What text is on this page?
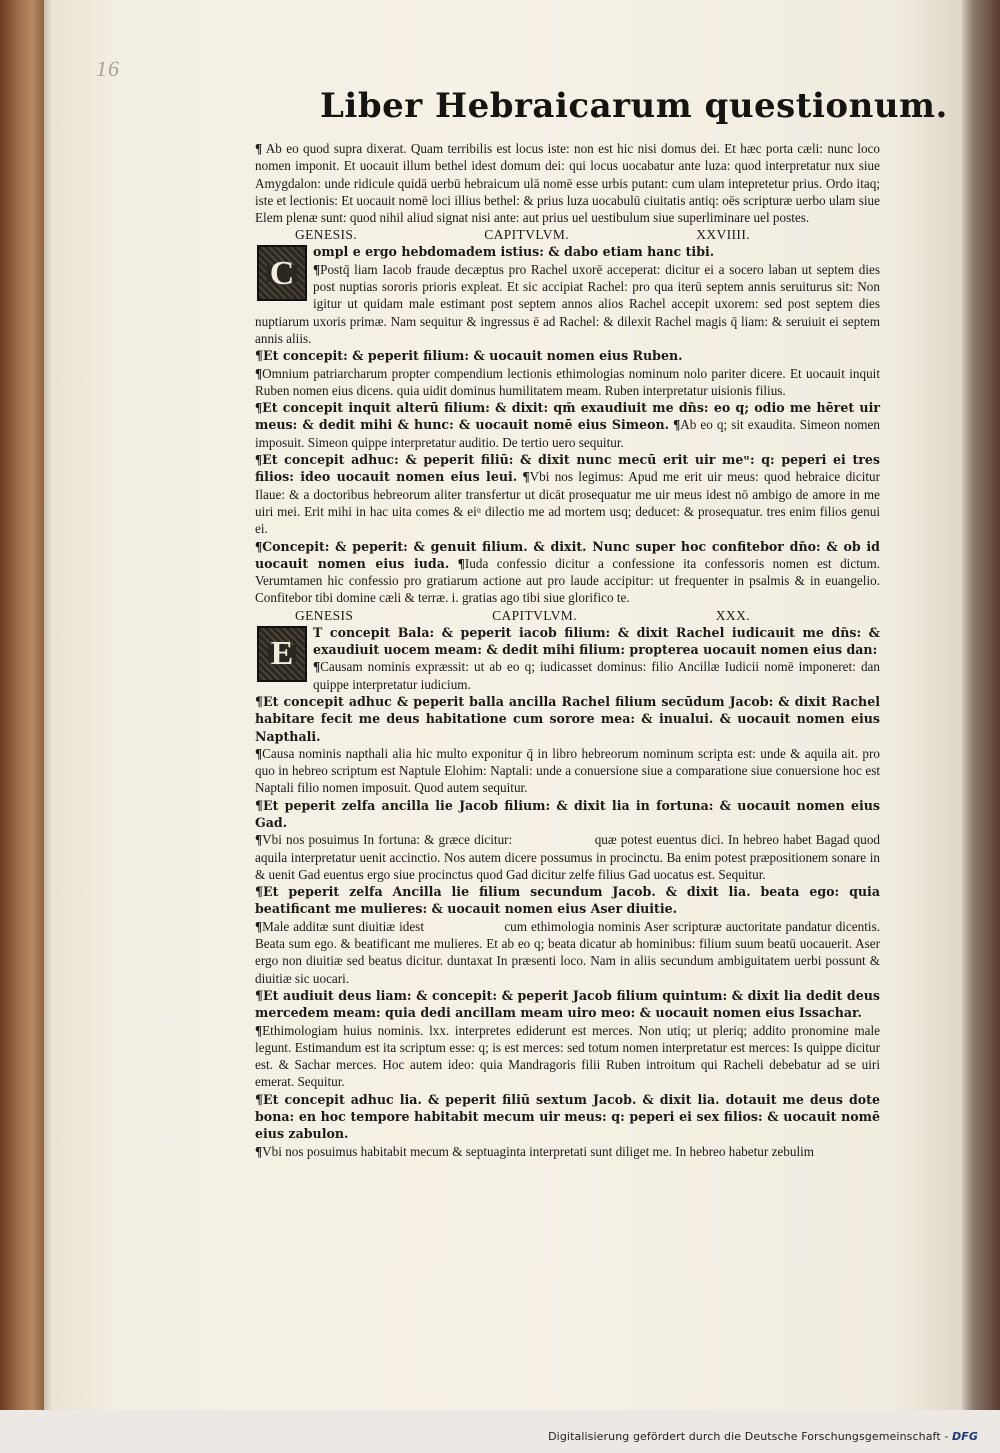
16
Liber Hebraicarum questionum.

¶ Ab eo quod supra dixerat. Quam terribilis est locus iste: non est hic nisi domus dei. Et hæc porta cæli: nunc loco nomen imponit. Et uocauit illum bethel idest domum dei: qui locus uocabatur ante luza: quod interpretatur nux siue Amygdalon: unde ridicule quidā uerbū hebraicum ulā nomē esse urbis putant: cum ulam intepretetur prius. Ordo itaq; iste et lectionis: Et uocauit nomē loci illius bethel: & prius luza uocabulū ciuitatis antiq: oēs scripturæ uerbo ulam siue Elem plenæ sunt: quod nihil aliud signat nisi ante: aut prius uel uestibulum siue superliminare uel postes.

GENESIS.	CAPITVLVM.	XXVIIII.
C

ompl e ergo hebdomadem istius: & dabo etiam hanc tibi.

¶Postq̄ liam Iacob fraude decæptus pro Rachel uxorē acceperat: dicitur ei a socero laban ut septem dies post nuptias sororis prioris expleat. Et sic accipiat Rachel: pro qua iterū septem annis seruiturus sit: Non igitur ut quidam male estimant post septem annos alios Rachel accepit uxorem: sed post septem dies nuptiarum uxoris primæ. Nam sequitur & ingressus ē ad Rachel: & dilexit Rachel magis q̄ liam: & seruiuit ei septem annis aliis.

¶Et concepit: & peperit filium: & uocauit nomen eius Ruben.

¶Omnium patriarcharum propter compendium lectionis ethimologias nominum nolo pariter dicere. Et uocauit inquit Ruben nomen eius dicens. quia uidit dominus humilitatem meam. Ruben interpretatur uisionis filius.

¶Et concepit inquit alterū filium: & dixit: qm̄ exaudiuit me dn̄s: eo q; odio me hēret uir meus: & dedit mihi & hunc: & uocauit nomē eius Simeon. ¶Ab eo q; sit exaudita. Simeon nomen imposuit. Simeon quippe interpretatur auditio. De tertio uero sequitur.

¶Et concepit adhuc: & peperit filiū: & dixit nunc mecū erit uir meᵘ: q: peperi ei tres filios: ideo uocauit nomen eius leui. ¶Vbi nos legimus: Apud me erit uir meus: quod hebraice dicitur Ilaue: & a doctoribus hebreorum aliter transfertur ut dicāt prosequatur me uir meus idest nō ambigo de amore in me uiri mei. Erit mihi in hac uita comes & eiᵘ dilectio me ad mortem usq; deducet: & prosequatur. tres enim filios genui ei.

¶Concepit: & peperit: & genuit filium. & dixit. Nunc super hoc confitebor dn̄o: & ob id uocauit nomen eius iuda. ¶Iuda confessio dicitur a confessione ita confessoris nomen est dictum. Verumtamen hic confessio pro gratiarum actione aut pro laude accipitur: ut frequenter in psalmis & in euangelio. Confitebor tibi domine cæli & terræ. i. gratias ago tibi siue glorifico te.

GENESIS	CAPITVLVM.	XXX.
E

T concepit Bala: & peperit iacob filium: & dixit Rachel iudicauit me dn̄s: & exaudiuit uocem meam: & dedit mihi filium: propterea uocauit nomen eius dan:

¶Causam nominis expræssit: ut ab eo q; iudicasset dominus: filio Ancillæ Iudicii nomē imponeret: dan quippe interpretatur iudicium.

¶Et concepit adhuc & peperit balla ancilla Rachel filium secūdum Jacob: & dixit Rachel habitare fecit me deus habitatione cum sorore mea: & inualui. & uocauit nomen eius Napthali.

¶Causa nominis napthali alia hic multo exponitur q̄ in libro hebreorum nominum scripta est: unde & aquila ait. pro quo in hebreo scriptum est Naptule Elohim: Naptali: unde a conuersione siue a comparatione siue conuersione hoc est Naptali filio nomen imposuit. Quod autem sequitur.

¶Et peperit zelfa ancilla lie Jacob filium: & dixit lia in fortuna: & uocauit nomen eius Gad.

¶Vbi nos posuimus In fortuna: & græce dicitur:	quæ potest euentus dici. In hebreo habet Bagad quod aquila interpretatur uenit accinctio. Nos autem dicere possumus in procinctu. Ba enim potest præpositionem sonare in & uenit Gad euentus ergo siue procinctus quod Gad dicitur zelfe filius Gad uocatus est. Sequitur.

¶Et peperit zelfa Ancilla lie filium secundum Jacob. & dixit lia. beata ego: quia beatificant me mulieres: & uocauit nomen eius Aser diuitie.

¶Male additæ sunt diuitiæ idest	cum ethimologia nominis Aser scripturæ auctoritate pandatur dicentis. Beata sum ego. & beatificant me mulieres. Et ab eo q; beata dicatur ab hominibus: filium suum beatū uocauerit. Aser ergo non diuitiæ sed beatus dicitur. duntaxat In præsenti loco. Nam in aliis secundum ambiguitatem uerbi possunt & diuitiæ sic uocari.

¶Et audiuit deus liam: & concepit: & peperit Jacob filium quintum: & dixit lia dedit deus mercedem meam: quia dedi ancillam meam uiro meo: & uocauit nomen eius Issachar.

¶Ethimologiam huius nominis. lxx. interpretes ediderunt est merces. Non utiq; ut pleriq; addito pronomine male legunt. Estimandum est ita scriptum esse: q; is est merces: sed totum nomen interpretatur est merces: Is quippe dicitur est. & Sachar merces. Hoc autem ideo: quia Mandragoris filii Ruben introitum qui Racheli debebatur ad se uiri emerat. Sequitur.

¶Et concepit adhuc lia. & peperit filiū sextum Jacob. & dixit lia. dotauit me deus dote bona: en hoc tempore habitabit mecum uir meus: q: peperi ei sex filios: & uocauit nomē eius zabulon.

¶Vbi nos posuimus habitabit mecum & septuaginta interpretati sunt diliget me. In hebreo habetur zebulim

Digitalisierung gefördert durch die Deutsche Forschungsgemeinschaft - DFG
